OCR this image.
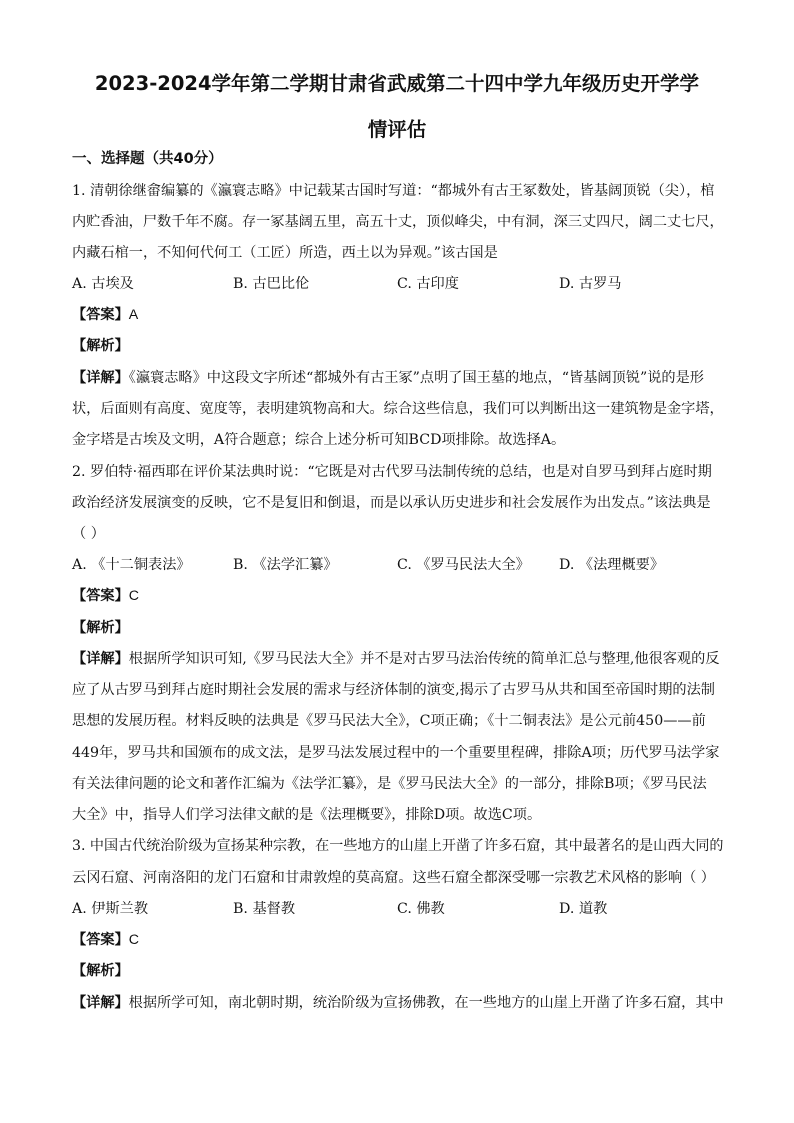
2023-2024学年第二学期甘肃省武威第二十四中学九年级历史开学学
情评估
一、选择题（共40分）
1. 清朝徐继畲编纂的《瀛寰志略》中记载某古国时写道：“都城外有古王冢数处，皆基阔顶锐（尖），棺
内贮香油，尸数千年不腐。存一冢基阔五里，高五十丈，顶似峰尖，中有洞，深三丈四尺，阔二丈七尺，
内藏石棺一，不知何代何工（工匠）所造，西土以为异观。”该古国是
A. 古埃及	B. 古巴比伦	C. 古印度	D. 古罗马
【答案】A
【解析】
【详解】《瀛寰志略》中这段文字所述“都城外有古王冢”点明了国王墓的地点，“皆基阔顶锐”说的是形
状，后面则有高度、宽度等，表明建筑物高和大。综合这些信息，我们可以判断出这一建筑物是金字塔，
金字塔是古埃及文明，A符合题意；综合上述分析可知BCD项排除。故选择A。
2. 罗伯特·福西耶在评价某法典时说：“它既是对古代罗马法制传统的总结，也是对自罗马到拜占庭时期
政治经济发展演变的反映，它不是复旧和倒退，而是以承认历史进步和社会发展作为出发点。”该法典是
（ ）
A. 《十二铜表法》	B. 《法学汇纂》	C. 《罗马民法大全》 D. 《法理概要》
【答案】C
【解析】
【详解】根据所学知识可知,《罗马民法大全》并不是对古罗马法治传统的简单汇总与整理,他很客观的反
应了从古罗马到拜占庭时期社会发展的需求与经济体制的演变,揭示了古罗马从共和国至帝国时期的法制
思想的发展历程。材料反映的法典是《罗马民法大全》，C项正确；《十二铜表法》是公元前450——前
449年，罗马共和国颁布的成文法，是罗马法发展过程中的一个重要里程碑，排除A项；历代罗马法学家
有关法律问题的论文和著作汇编为《法学汇纂》，是《罗马民法大全》的一部分，排除B项；《罗马民法
大全》中，指导人们学习法律文献的是《法理概要》，排除D项。故选C项。
3. 中国古代统治阶级为宣扬某种宗教，在一些地方的山崖上开凿了许多石窟，其中最著名的是山西大同的
云冈石窟、河南洛阳的龙门石窟和甘肃敦煌的莫高窟。这些石窟全都深受哪一宗教艺术风格的影响（ ）
A. 伊斯兰教	B. 基督教	C. 佛教	D. 道教
【答案】C
【解析】
【详解】根据所学可知，南北朝时期，统治阶级为宣扬佛教，在一些地方的山崖上开凿了许多石窟，其中
